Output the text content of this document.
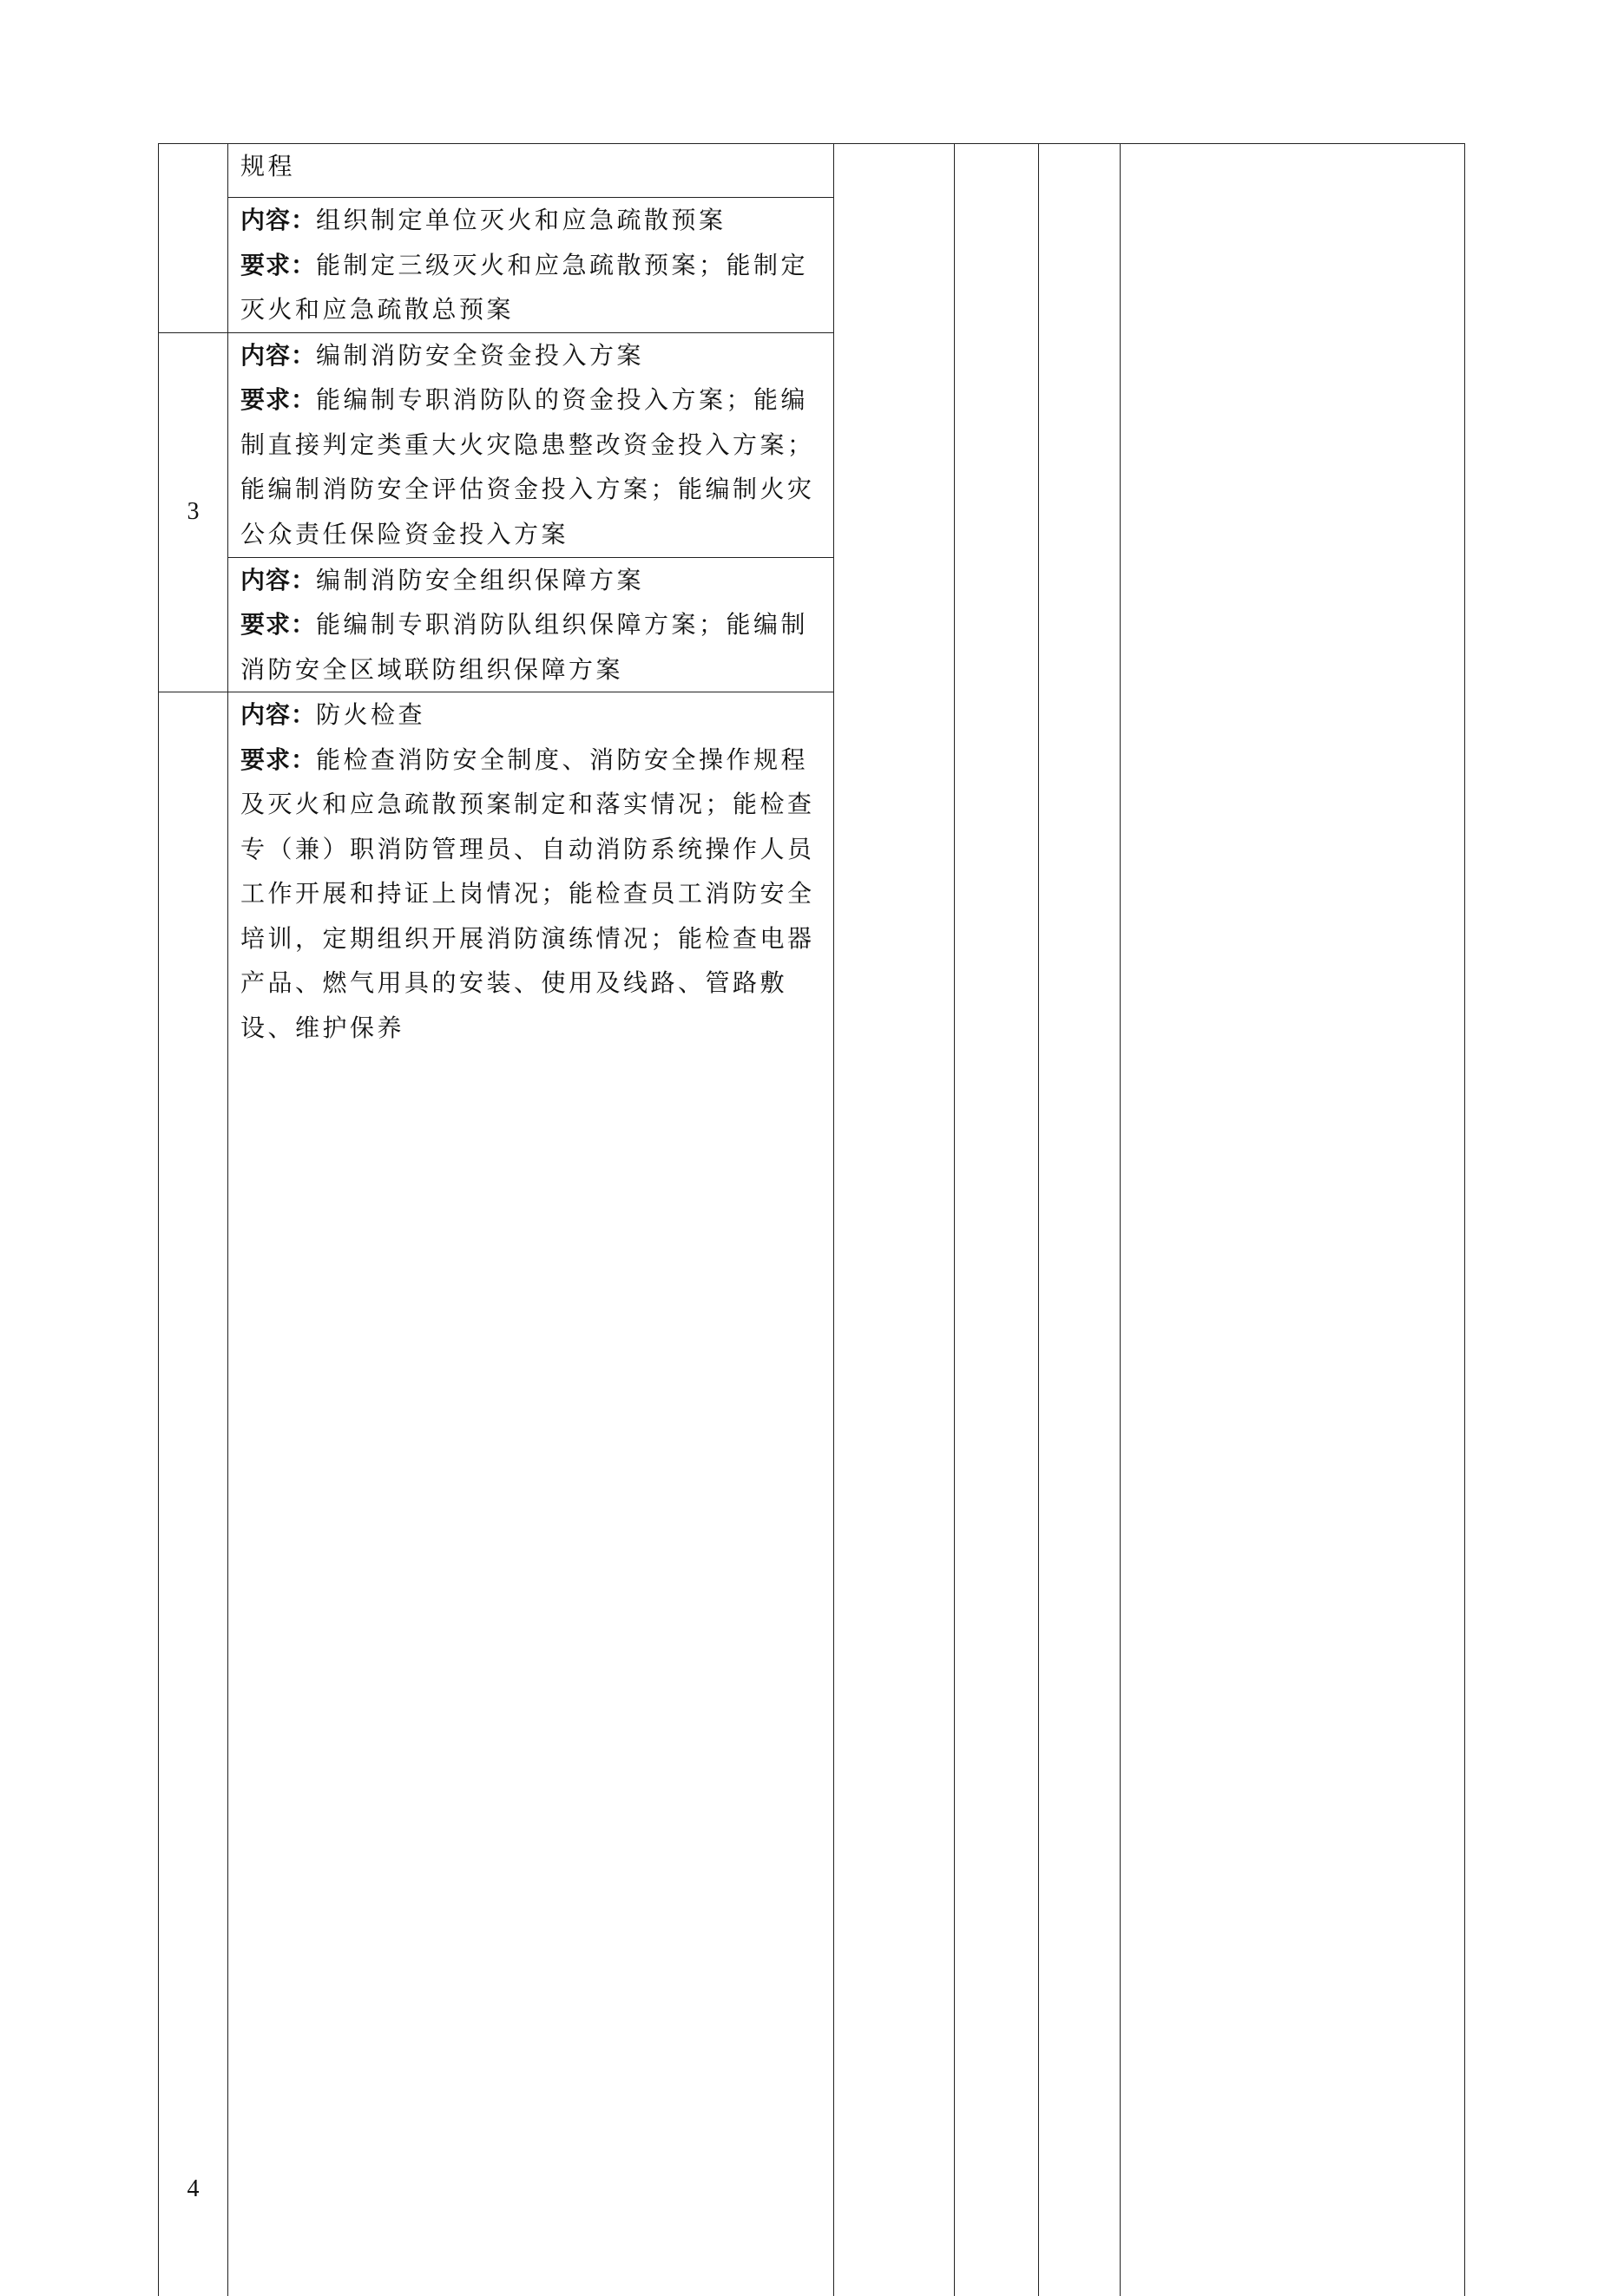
	规程					

	内容：组织制定单位灭火和应急疏散预案
要求：能制定三级灭火和应急疏散预案；能制定灭火和应急疏散总预案					

3	内容：编制消防安全资金投入方案
要求：能编制专职消防队的资金投入方案；能编制直接判定类重大火灾隐患整改资金投入方案；能编制消防安全评估资金投入方案；能编制火灾公众责任保险资金投入方案					

	内容：编制消防安全组织保障方案
要求：能编制专职消防队组织保障方案；能编制消防安全区域联防组织保障方案					

4	内容：防火检查
要求：能检查消防安全制度、消防安全操作规程及灭火和应急疏散预案制定和落实情况；能检查专（兼）职消防管理员、自动消防系统操作人员工作开展和持证上岗情况；能检查员工消防安全培训，定期组织开展消防演练情况；能检查电器产品、燃气用具的安装、使用及线路、管路敷设、维护保养
